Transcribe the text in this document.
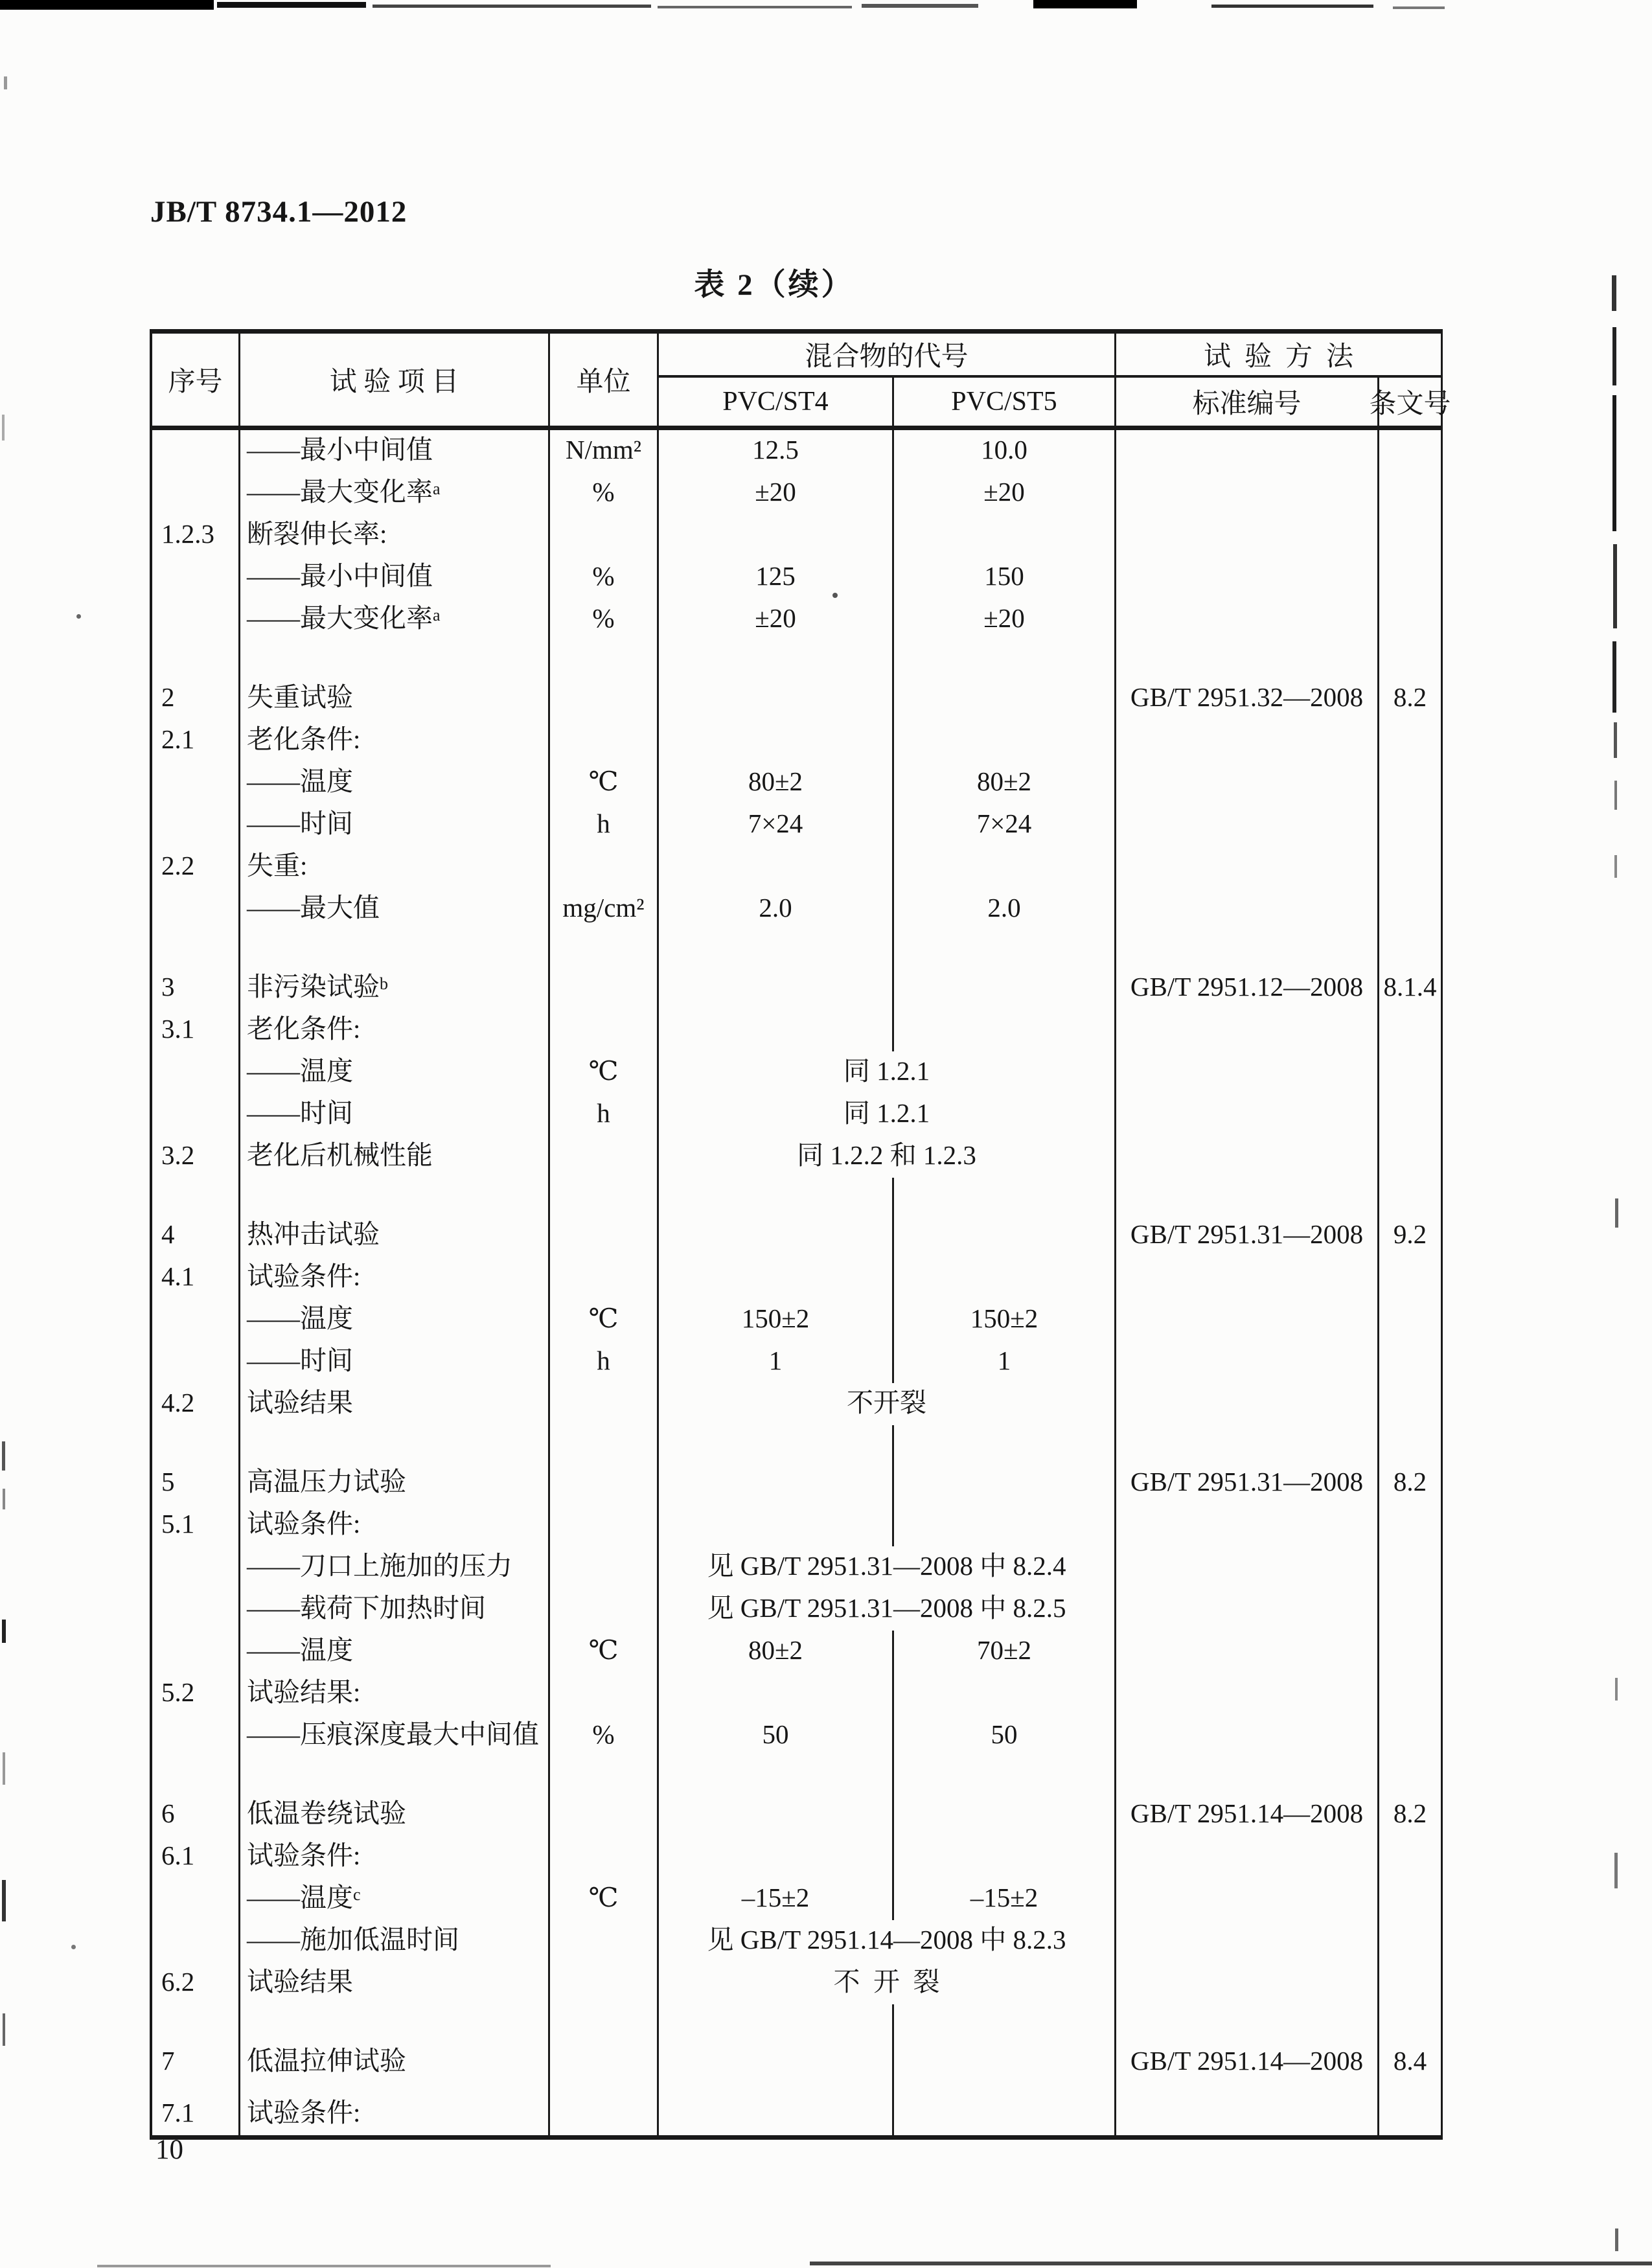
JB/T 8734.1—2012
表 2（续）
序号	试 验 项 目	单位
混合物的代号	试  验  方  法
PVC/ST4	PVC/ST5	标准编号	条文号
——最小中间值	N/mm²	12.5	10.0
——最大变化率 a	%	±20	±20
1.2.3	断裂伸长率:
——最小中间值	%	125	150
——最大变化率 a	%	±20	±20
2	失重试验	GB/T 2951.32—2008	8.2
2.1	老化条件:
——温度	℃	80±2	80±2
——时间	h	7×24	7×24
2.2	失重:
——最大值	mg/cm²	2.0	2.0
3	非污染试验 b	GB/T 2951.12—2008 8.1.4
3.1	老化条件:
——温度	℃	同 1.2.1
——时间	h	同 1.2.1
3.2	老化后机械性能	同 1.2.2 和 1.2.3
4	热冲击试验	GB/T 2951.31—2008	9.2
4.1	试验条件:
——温度	℃	150±2	150±2
——时间	h	1	1
4.2	试验结果	不开裂
5	高温压力试验	GB/T 2951.31—2008	8.2
5.1	试验条件:
——刀口上施加的压力	见 GB/T 2951.31—2008 中 8.2.4
——载荷下加热时间	见 GB/T 2951.31—2008 中 8.2.5
——温度	℃	80±2	70±2
5.2	试验结果:
——压痕深度最大中间值	%	50	50
6	低温卷绕试验	GB/T 2951.14—2008	8.2
6.1	试验条件:
——温度 c	℃	–15±2	–15±2
——施加低温时间	见 GB/T 2951.14—2008 中 8.2.3
6.2	试验结果	不  开  裂
7	低温拉伸试验	GB/T 2951.14—2008	8.4
7.1	试验条件:
10
